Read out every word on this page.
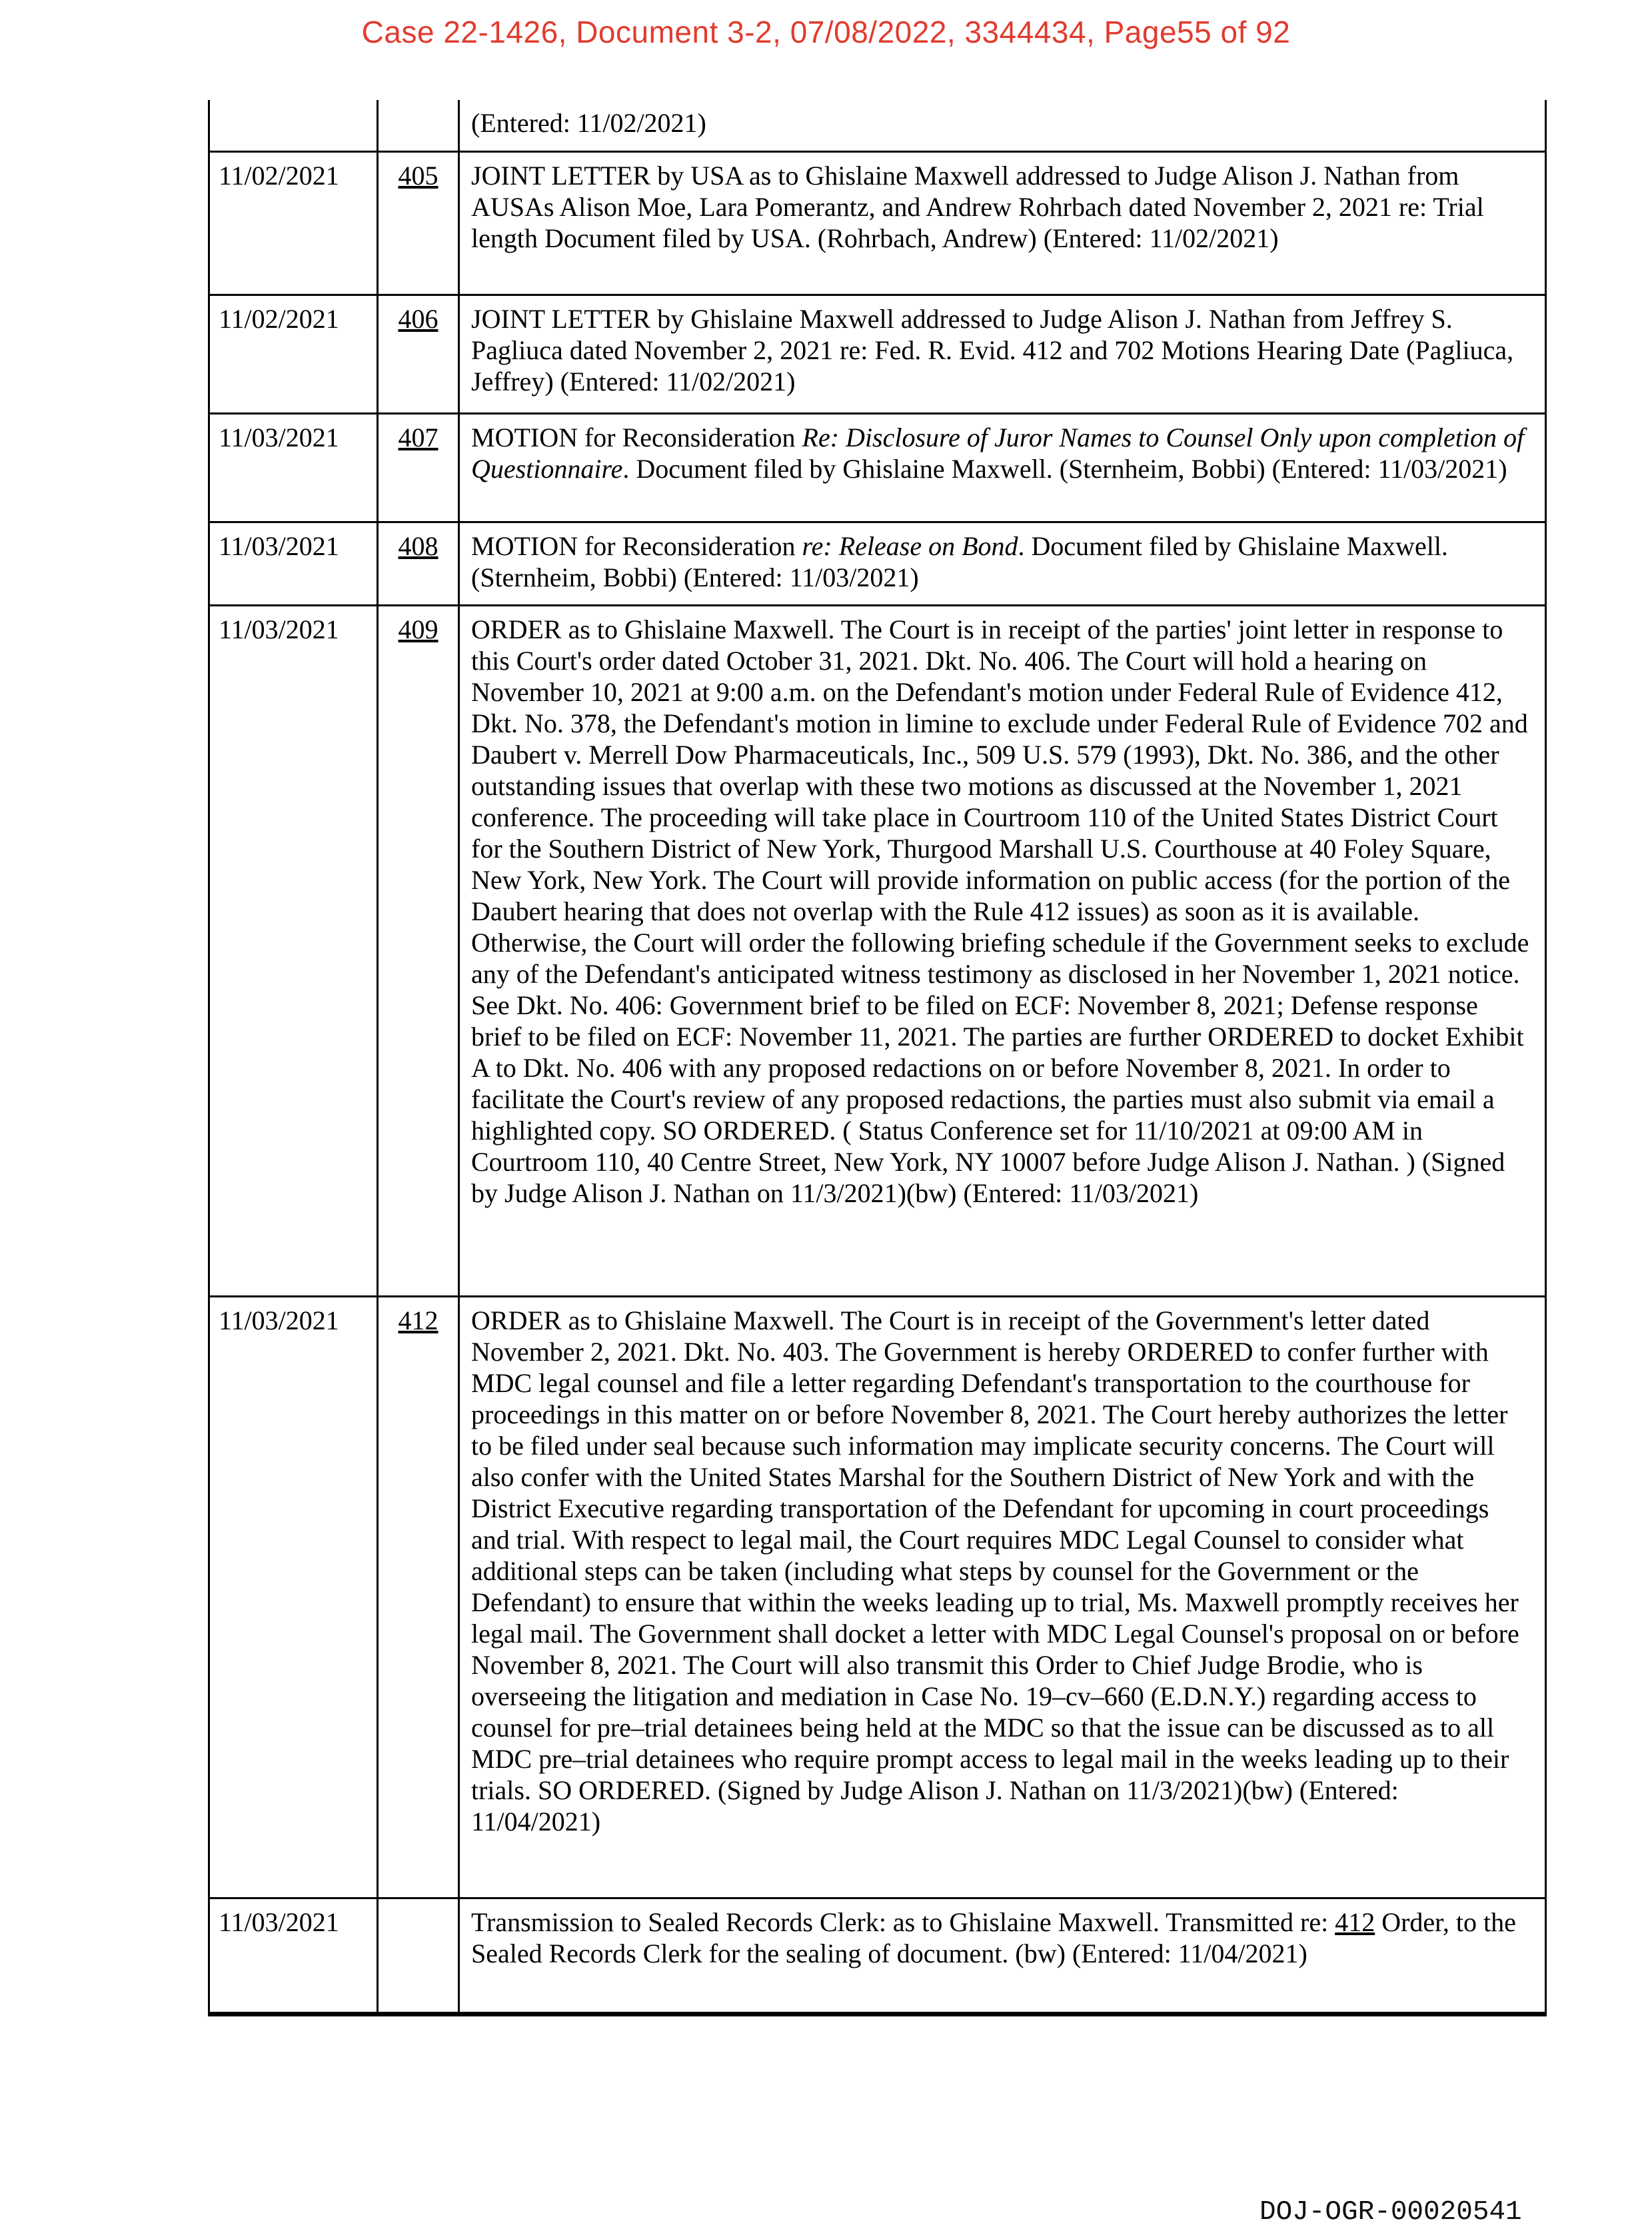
Case 22-1426, Document 3-2, 07/08/2022, 3344434, Page55 of 92
		(Entered: 11/02/2021)
11/02/2021	405	JOINT LETTER by USA as to Ghislaine Maxwell addressed to Judge Alison J. Nathan from AUSAs Alison Moe, Lara Pomerantz, and Andrew Rohrbach dated November 2, 2021 re: Trial length Document filed by USA. (Rohrbach, Andrew) (Entered: 11/02/2021)
11/02/2021	406	JOINT LETTER by Ghislaine Maxwell addressed to Judge Alison J. Nathan from Jeffrey S. Pagliuca dated November 2, 2021 re: Fed. R. Evid. 412 and 702 Motions Hearing Date (Pagliuca, Jeffrey) (Entered: 11/02/2021)
11/03/2021	407	MOTION for Reconsideration Re: Disclosure of Juror Names to Counsel Only upon completion of Questionnaire. Document filed by Ghislaine Maxwell. (Sternheim, Bobbi) (Entered: 11/03/2021)
11/03/2021	408	MOTION for Reconsideration re: Release on Bond. Document filed by Ghislaine Maxwell. (Sternheim, Bobbi) (Entered: 11/03/2021)
11/03/2021	409	ORDER as to Ghislaine Maxwell. The Court is in receipt of the parties' joint letter in response to this Court's order dated October 31, 2021. Dkt. No. 406. The Court will hold a hearing on November 10, 2021 at 9:00 a.m. on the Defendant's motion under Federal Rule of Evidence 412, Dkt. No. 378, the Defendant's motion in limine to exclude under Federal Rule of Evidence 702 and Daubert v. Merrell Dow Pharmaceuticals, Inc., 509 U.S. 579 (1993), Dkt. No. 386, and the other outstanding issues that overlap with these two motions as discussed at the November 1, 2021 conference. The proceeding will take place in Courtroom 110 of the United States District Court for the Southern District of New York, Thurgood Marshall U.S. Courthouse at 40 Foley Square, New York, New York. The Court will provide information on public access (for the portion of the Daubert hearing that does not overlap with the Rule 412 issues) as soon as it is available. Otherwise, the Court will order the following briefing schedule if the Government seeks to exclude any of the Defendant's anticipated witness testimony as disclosed in her November 1, 2021 notice. See Dkt. No. 406: Government brief to be filed on ECF: November 8, 2021; Defense response brief to be filed on ECF: November 11, 2021. The parties are further ORDERED to docket Exhibit A to Dkt. No. 406 with any proposed redactions on or before November 8, 2021. In order to facilitate the Court's review of any proposed redactions, the parties must also submit via email a highlighted copy. SO ORDERED. ( Status Conference set for 11/10/2021 at 09:00 AM in Courtroom 110, 40 Centre Street, New York, NY 10007 before Judge Alison J. Nathan. ) (Signed by Judge Alison J. Nathan on 11/3/2021)(bw) (Entered: 11/03/2021)
11/03/2021	412	ORDER as to Ghislaine Maxwell. The Court is in receipt of the Government's letter dated November 2, 2021. Dkt. No. 403. The Government is hereby ORDERED to confer further with MDC legal counsel and file a letter regarding Defendant's transportation to the courthouse for proceedings in this matter on or before November 8, 2021. The Court hereby authorizes the letter to be filed under seal because such information may implicate security concerns. The Court will also confer with the United States Marshal for the Southern District of New York and with the District Executive regarding transportation of the Defendant for upcoming in court proceedings and trial. With respect to legal mail, the Court requires MDC Legal Counsel to consider what additional steps can be taken (including what steps by counsel for the Government or the Defendant) to ensure that within the weeks leading up to trial, Ms. Maxwell promptly receives her legal mail. The Government shall docket a letter with MDC Legal Counsel's proposal on or before November 8, 2021. The Court will also transmit this Order to Chief Judge Brodie, who is overseeing the litigation and mediation in Case No. 19–cv–660 (E.D.N.Y.) regarding access to counsel for pre–trial detainees being held at the MDC so that the issue can be discussed as to all MDC pre–trial detainees who require prompt access to legal mail in the weeks leading up to their trials. SO ORDERED. (Signed by Judge Alison J. Nathan on 11/3/2021)(bw) (Entered: 11/04/2021)
11/03/2021		Transmission to Sealed Records Clerk: as to Ghislaine Maxwell. Transmitted re: 412 Order, to the Sealed Records Clerk for the sealing of document. (bw) (Entered: 11/04/2021)
DOJ-OGR-00020541
